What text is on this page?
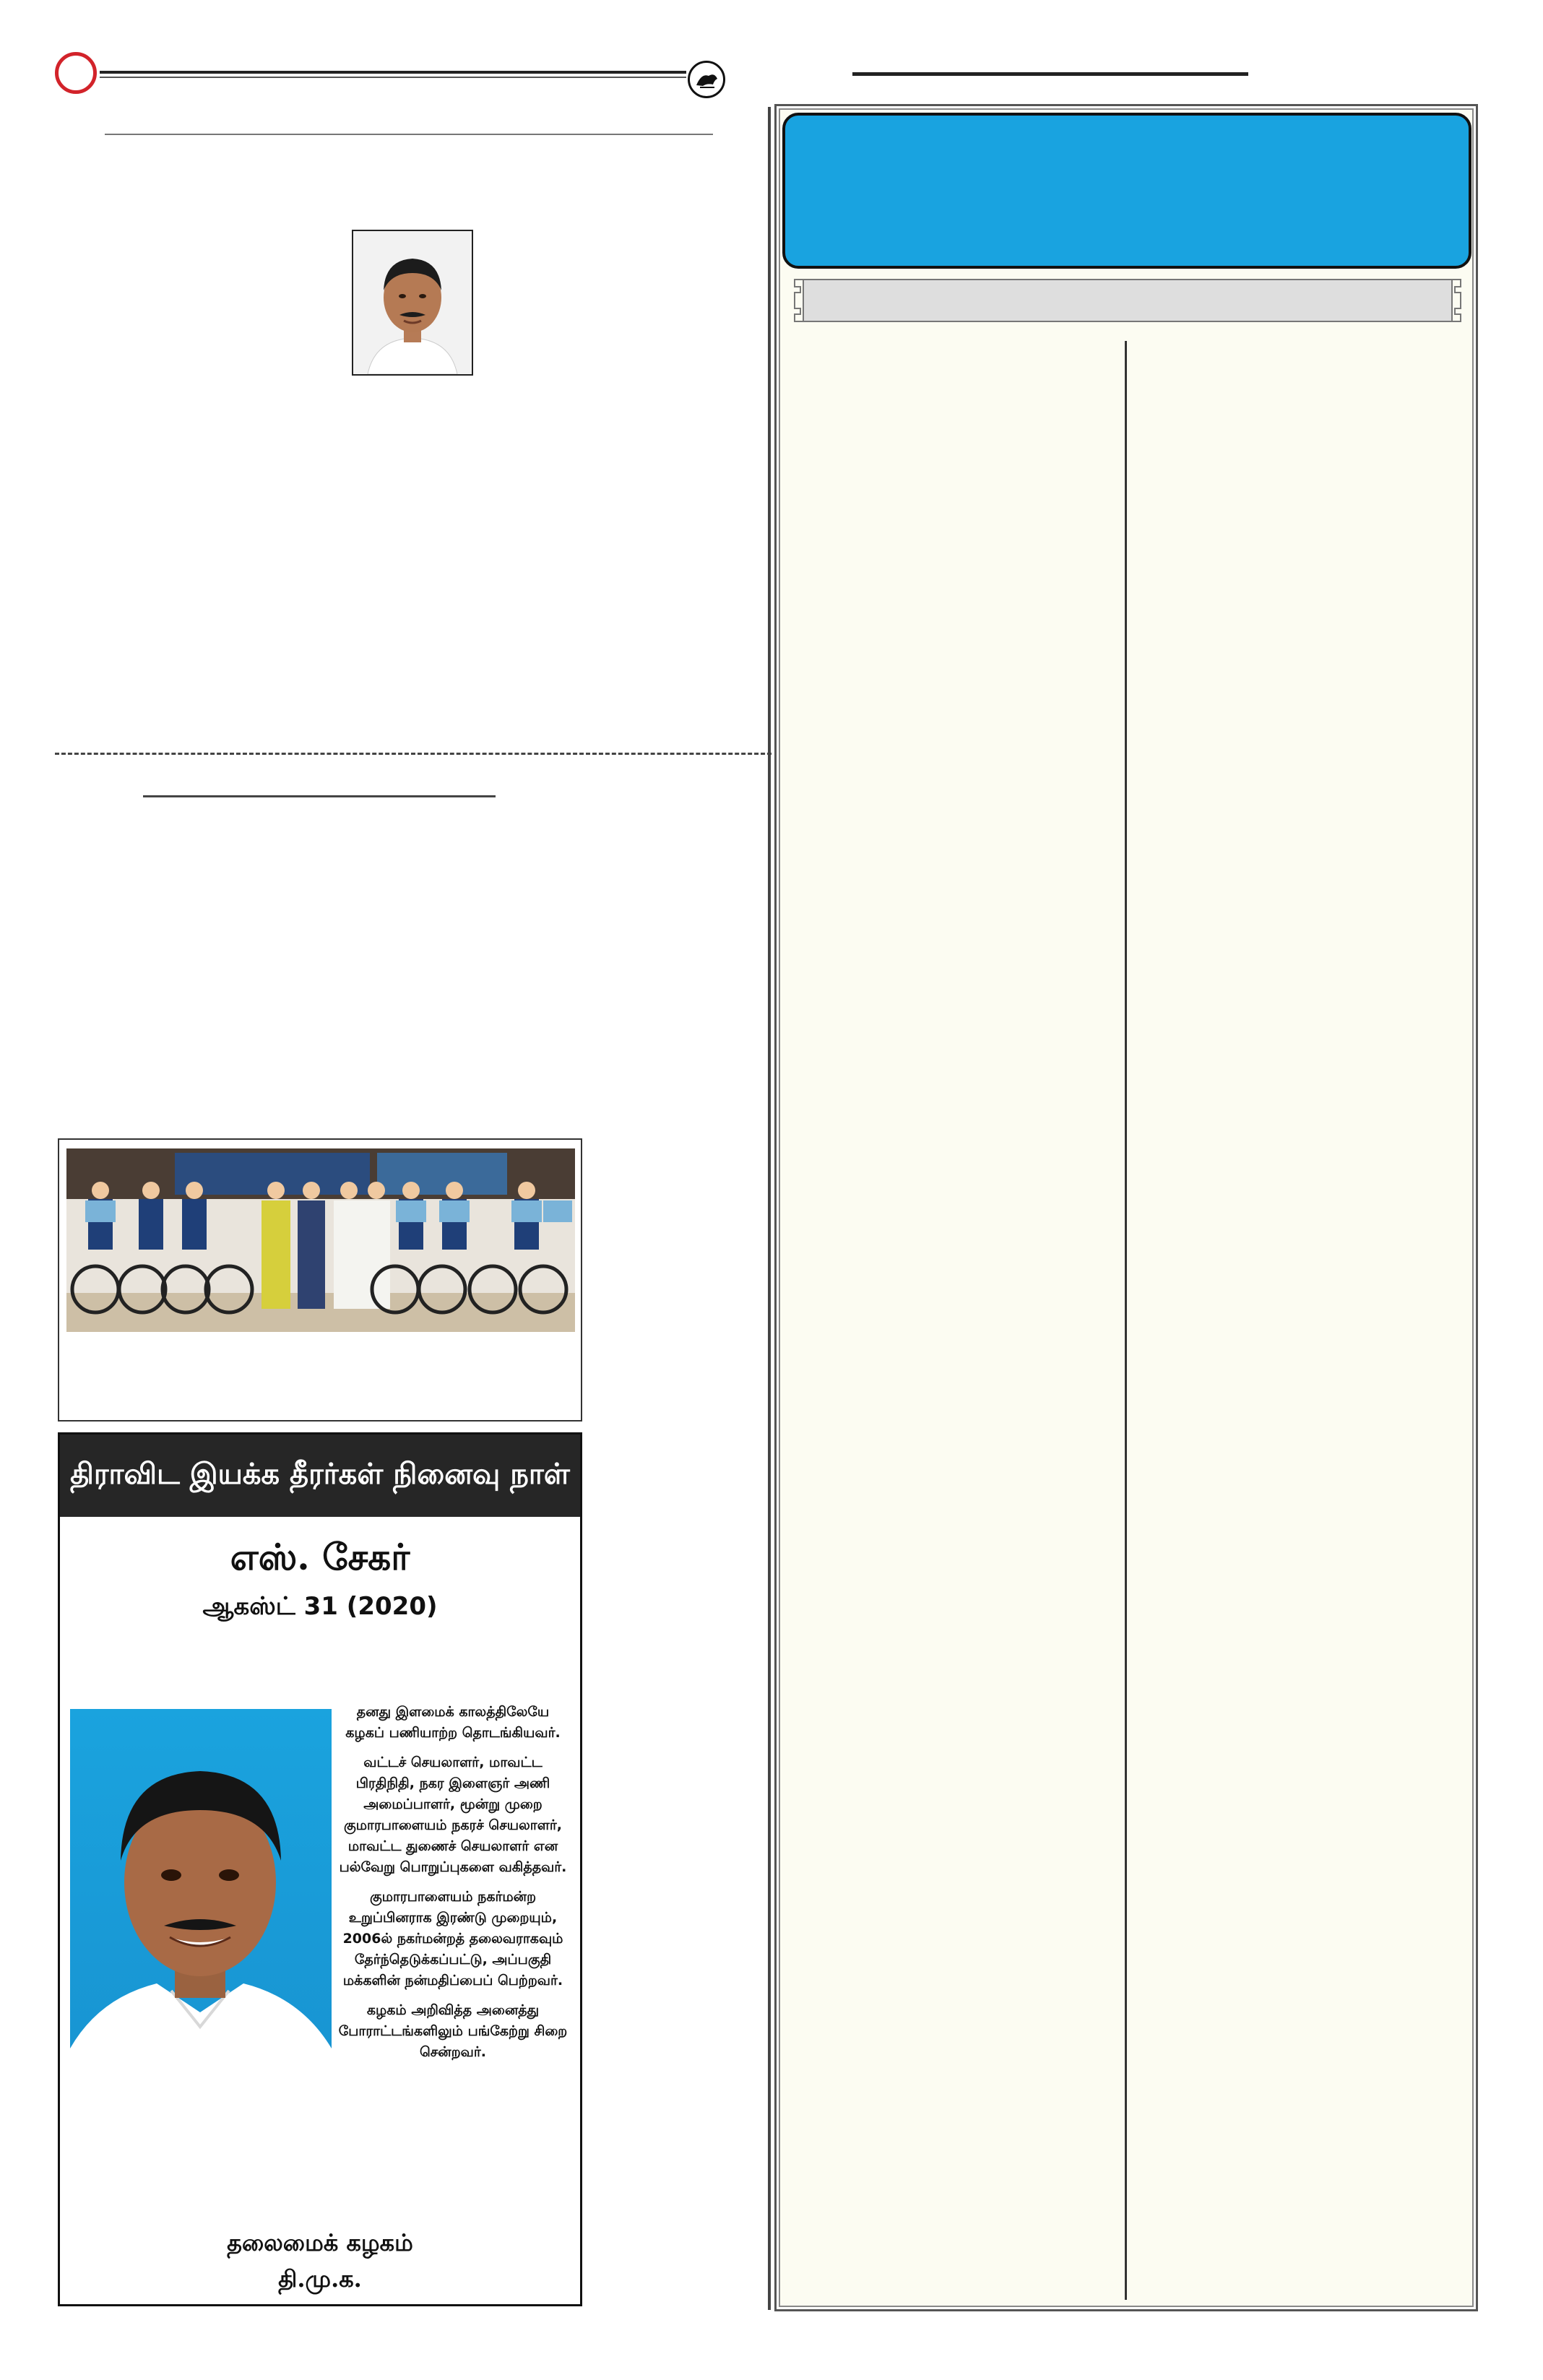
திராவிட இயக்க தீரர்கள் நினைவு நாள்
எஸ். சேகர்
ஆகஸ்ட் 31 (2020)

தனது இளமைக் காலத்திலேயே கழகப் பணியாற்ற தொடங்கியவர்.

வட்டச் செயலாளர், மாவட்ட பிரதிநிதி, நகர இளைஞர் அணி அமைப்பாளர், மூன்று முறை குமாரபாளையம் நகரச் செயலாளர், மாவட்ட துணைச் செயலாளர் என பல்வேறு பொறுப்புகளை வகித்தவர்.

குமாரபாளையம் நகர்மன்ற உறுப்பினராக இரண்டு முறையும், 2006ல் நகர்மன்றத் தலைவராகவும் தேர்ந்தெடுக்கப்பட்டு, அப்பகுதி மக்களின் நன்மதிப்பைப் பெற்றவர்.

கழகம் அறிவித்த அனைத்து போராட்டங்களிலும் பங்கேற்று சிறை சென்றவர்.

தலைமைக் கழகம்
தி.மு.க.
